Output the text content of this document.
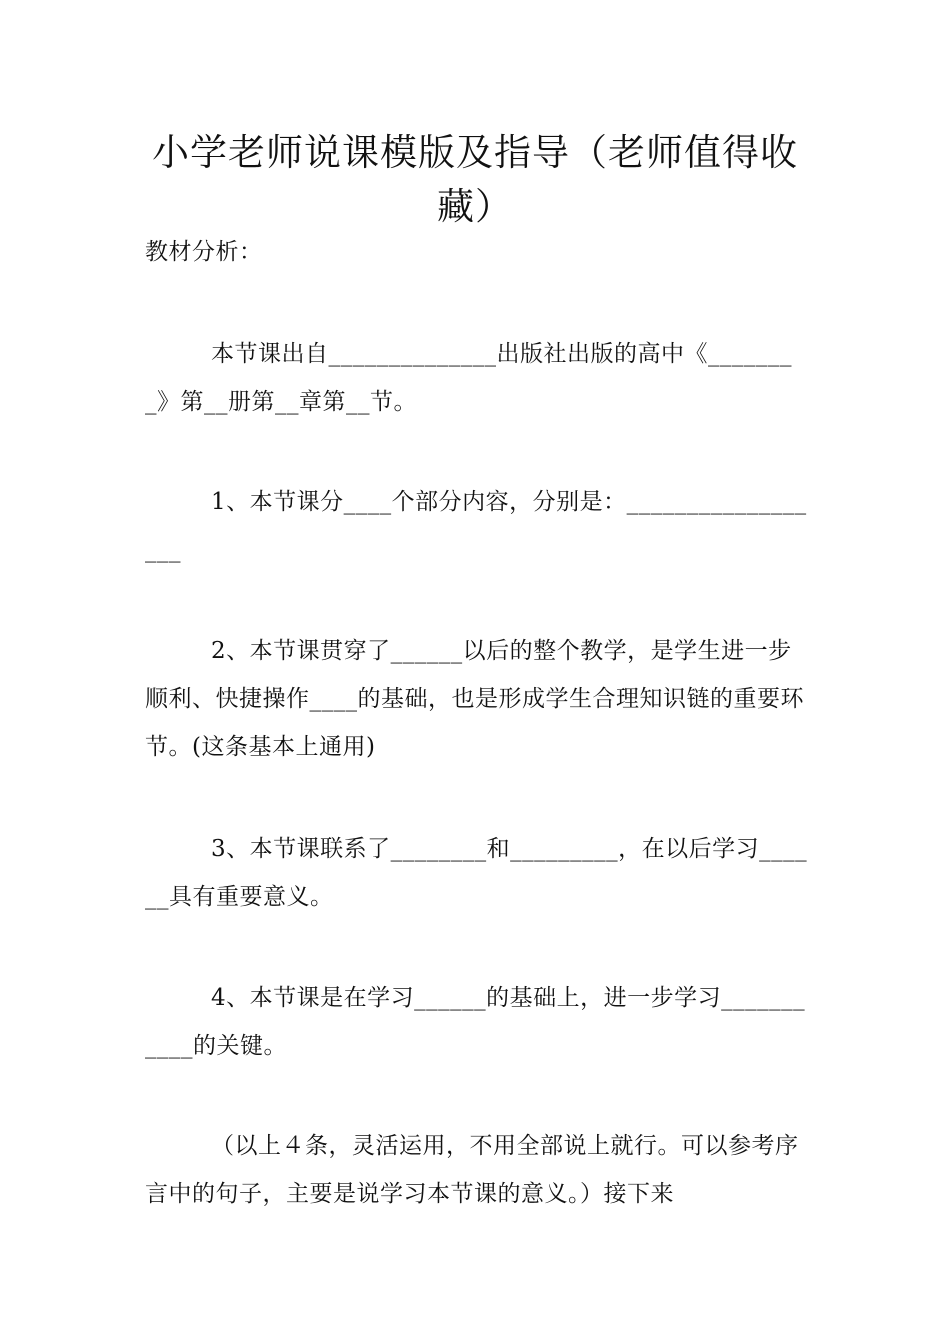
小学老师说课模版及指导（老师值得收藏）

教材分析：

本节课出自______________出版社出版的高中《________》第__册第__章第__节。

1、本节课分____个部分内容，分别是：__________________

2、本节课贯穿了______以后的整个教学，是学生进一步顺利、快捷操作____的基础，也是形成学生合理知识链的重要环节。(这条基本上通用)

3、本节课联系了________和_________，在以后学习______具有重要意义。

4、本节课是在学习______的基础上，进一步学习___________的关键。

（以上４条，灵活运用，不用全部说上就行。可以参考序言中的句子，主要是说学习本节课的意义。）接下来
